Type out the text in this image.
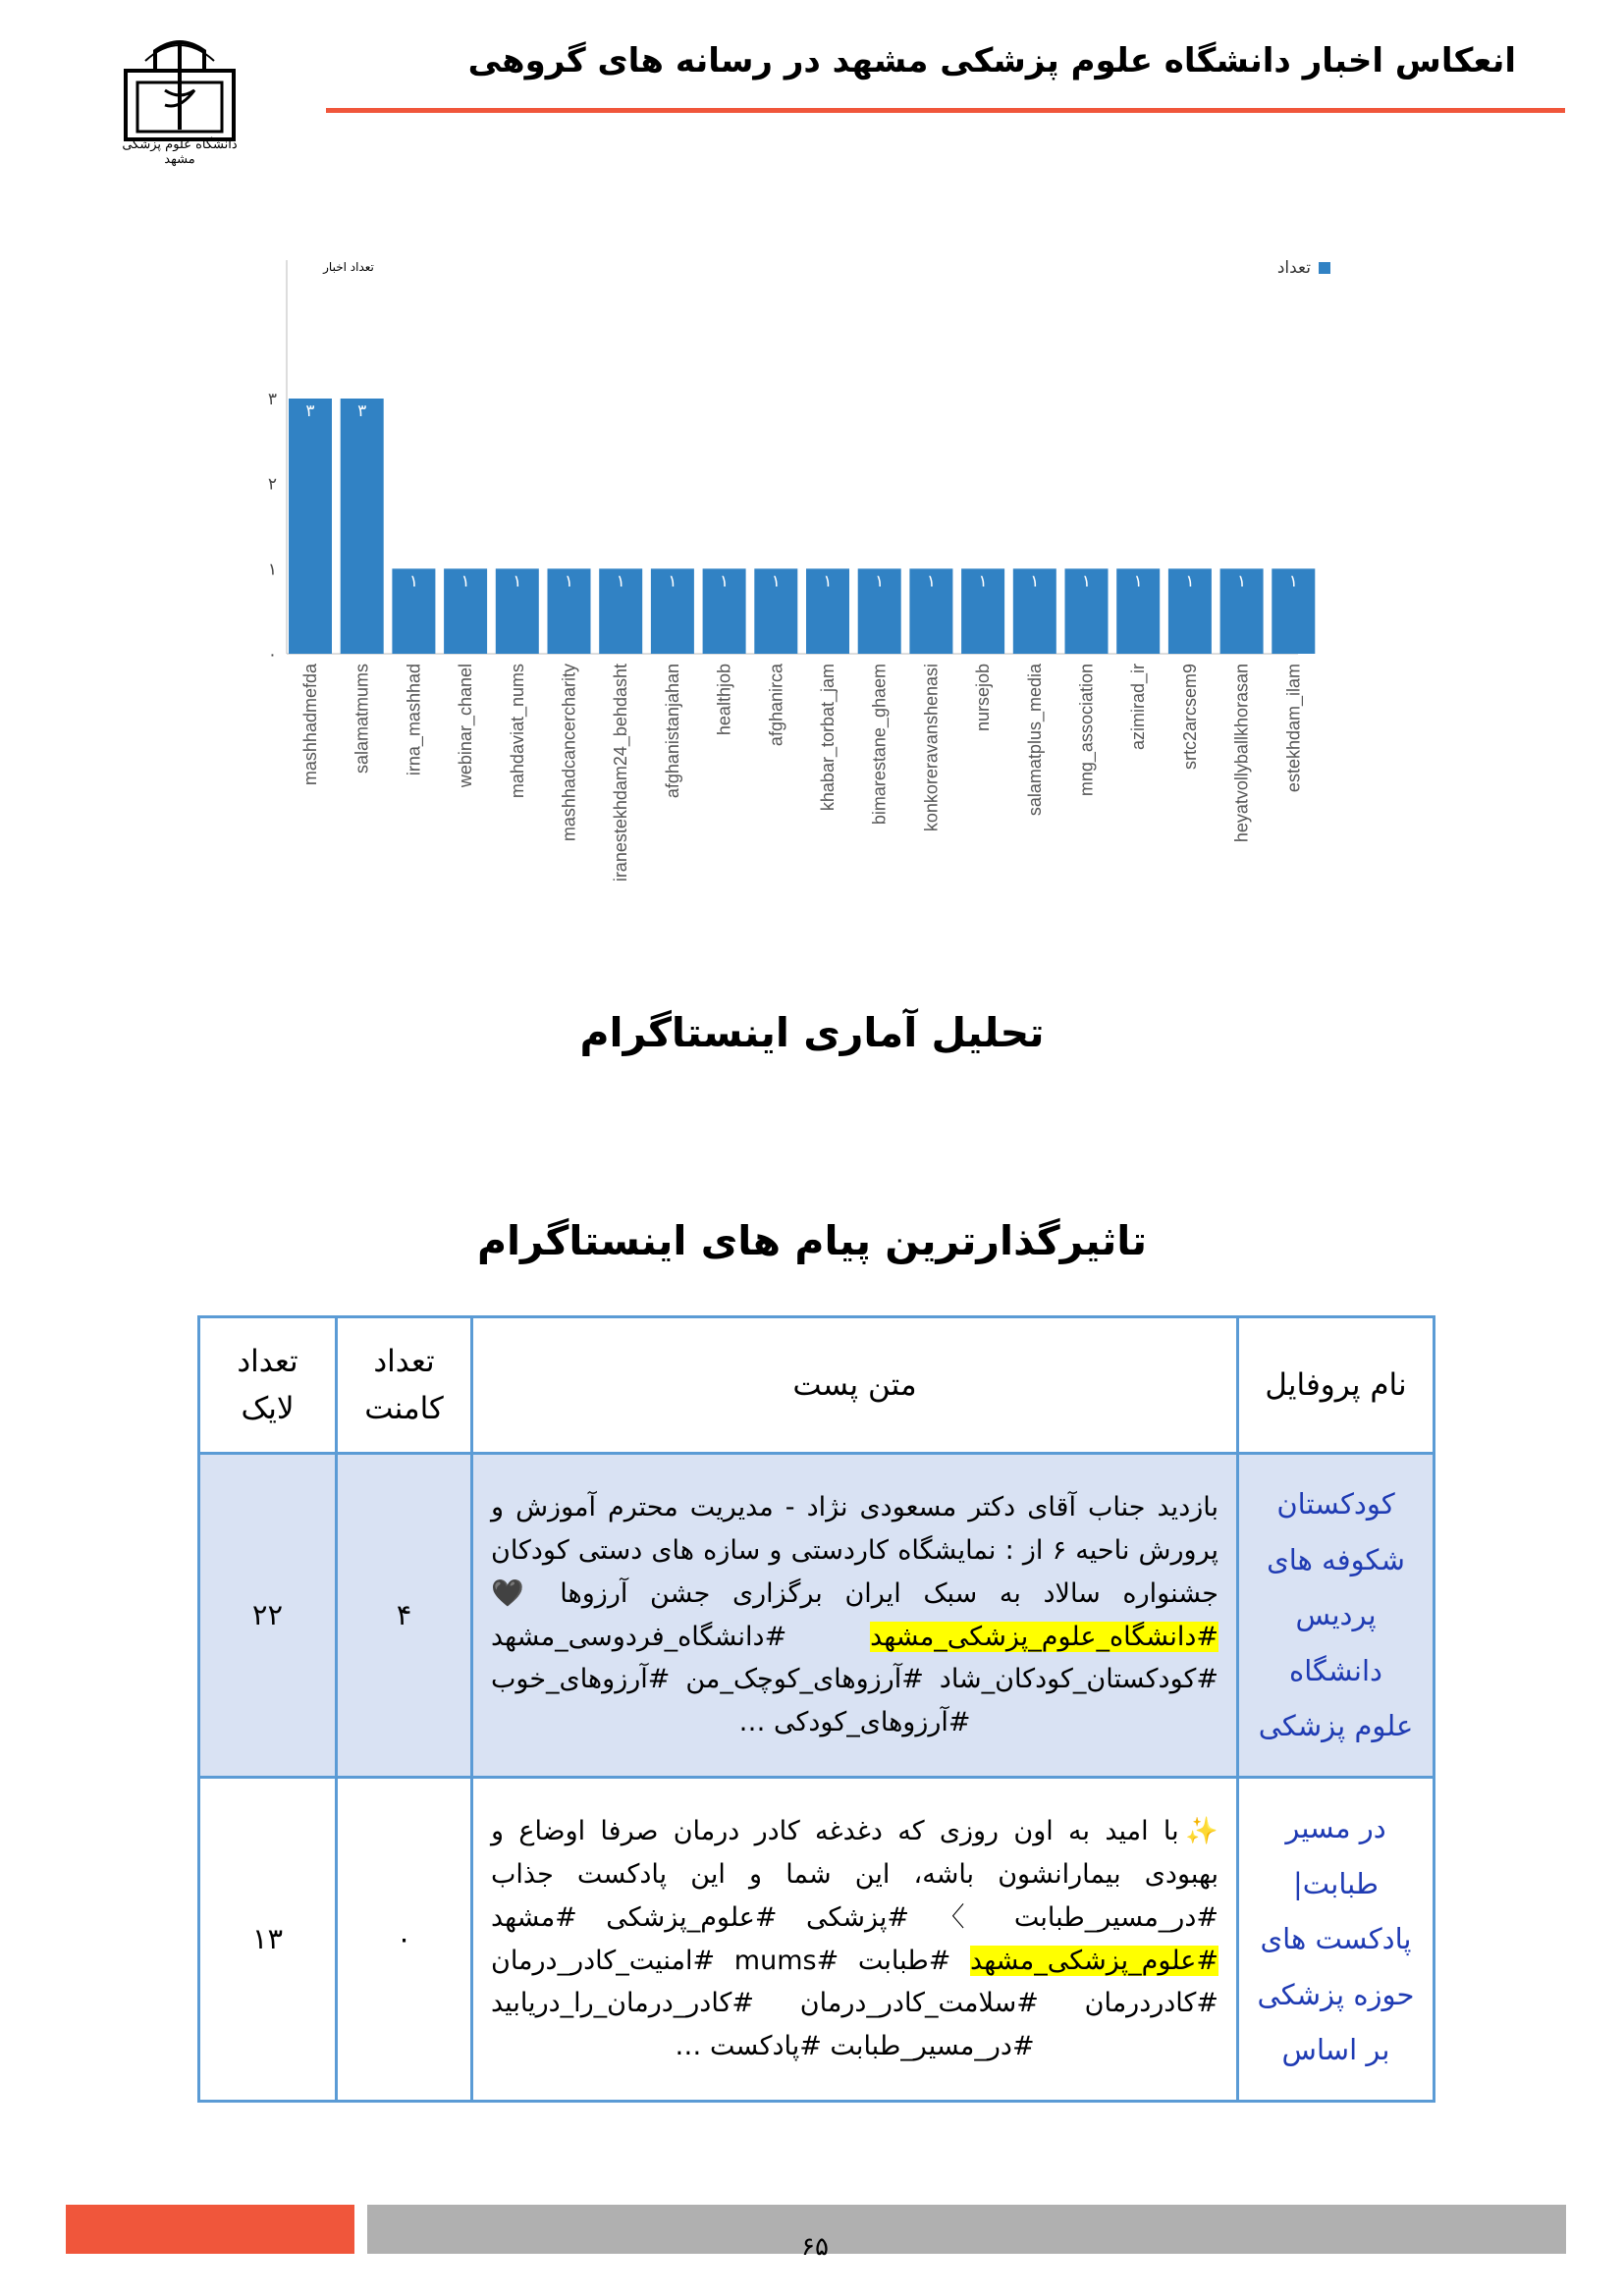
انعکاس اخبار دانشگاه علوم پزشکی مشهد در رسانه های گروهی
دانشگاه علوم پزشکی مشهد
۰
۱
۲
۳
۳	۳
۱	۱	۱	۱	۱	۱	۱	۱	۱	۱	۱	۱	۱	۱	۱	۱	۱	۱
mashhadmefda salamatmums irna_mashhad webinar_chanel mahdaviat_nums mashhadcancercharity iranestekhdam24_behdasht afghanistanjahan healthjob afghanirca khabar_torbat_jam bimarestane_ghaem konkoreravanshenasi nursejob salamatplus_media mng_association azimirad_ir srtc2arcsem9 heyatvollyballkhorasan estekhdam_ilam
تعداد اخبار	تعداد
تحلیل آماری اینستاگرام
تاثیرگذارترین پیام های اینستاگرام
نام پروفایل	متن پست	تعداد کامنت	تعداد لایک
کودکستان شکوفه های پردیس دانشگاه علوم پزشکی	بازدید جناب آقای دکتر مسعودی نژاد - مدیریت محترم آموزش و پرورش ناحیه ۶ از : نمایشگاه کاردستی و سازه های دستی کودکان جشنواره سالاد به سبک ایران برگزاری جشن آرزوها 🖤#دانشگاه_علوم_پزشکی_مشهد #دانشگاه_فردوسی_مشهد #کودکستان_کودکان_شاد #آرزوهای_کوچک_من #آرزوهای_خوب #آرزوهای_کودکی …	۴	۲۲
در مسیر طبابت| پادکست های حوزه پزشکی بر اساس	✨با امید به اون روزی که دغدغه کادر درمان صرفا اوضاع و بهبودی بیمارانشون باشه، این شما و این پادکست جذاب #در_مسیر_طبابت 〉 #پزشکی #علوم_پزشکی #مشهد #علوم_پزشکی_مشهد #طبابت #mums #امنیت_کادر_درمان #کادردرمان #سلامت_کادر_درمان #کادر_درمان_را_دریابید #در_مسیر_طبابت #پادکست …	۰	۱۳
۶۵
